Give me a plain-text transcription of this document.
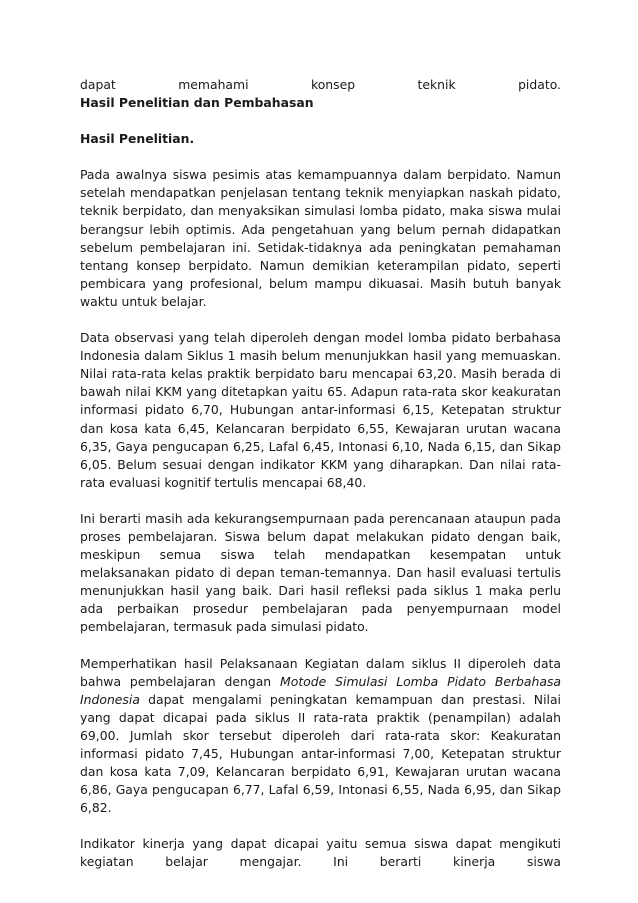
dapat memahami konsep teknik pidato.

Hasil Penelitian dan Pembahasan

Hasil Penelitian.

Pada awalnya siswa pesimis atas kemampuannya dalam berpidato. Namun setelah mendapatkan penjelasan tentang teknik menyiapkan naskah pidato, teknik berpidato, dan menyaksikan simulasi lomba pidato, maka siswa mulai berangsur lebih optimis. Ada pengetahuan yang belum pernah didapatkan sebelum pembelajaran ini. Setidak-tidaknya ada peningkatan pemahaman tentang konsep berpidato. Namun demikian keterampilan pidato, seperti pembicara yang profesional, belum mampu dikuasai. Masih butuh banyak waktu untuk belajar.

Data observasi yang telah diperoleh dengan model lomba pidato berbahasa Indonesia dalam Siklus 1 masih belum menunjukkan hasil yang memuaskan. Nilai rata-rata kelas praktik berpidato baru mencapai 63,20. Masih berada di bawah nilai KKM yang ditetapkan yaitu 65. Adapun rata-rata skor keakuratan informasi pidato 6,70, Hubungan antar-informasi 6,15, Ketepatan struktur dan kosa kata 6,45, Kelancaran berpidato 6,55, Kewajaran urutan wacana 6,35, Gaya pengucapan 6,25, Lafal 6,45, Intonasi 6,10, Nada 6,15, dan Sikap 6,05. Belum sesuai dengan indikator KKM yang diharapkan. Dan nilai rata-rata evaluasi kognitif tertulis mencapai 68,40.

Ini berarti masih ada kekurangsempurnaan pada perencanaan ataupun pada proses pembelajaran. Siswa belum dapat melakukan pidato dengan baik, meskipun semua siswa telah mendapatkan kesempatan untuk melaksanakan pidato di depan teman-temannya. Dan hasil evaluasi tertulis menunjukkan hasil yang baik. Dari hasil refleksi pada siklus 1 maka perlu ada perbaikan prosedur pembelajaran pada penyempurnaan model pembelajaran, termasuk pada simulasi pidato.

Memperhatikan hasil Pelaksanaan Kegiatan dalam siklus II diperoleh data bahwa pembelajaran dengan Motode Simulasi Lomba Pidato Berbahasa Indonesia dapat mengalami peningkatan kemampuan dan prestasi. Nilai yang dapat dicapai pada siklus II rata-rata praktik (penampilan) adalah 69,00. Jumlah skor tersebut diperoleh dari rata-rata skor: Keakuratan informasi pidato 7,45, Hubungan antar-informasi 7,00, Ketepatan struktur dan kosa kata 7,09, Kelancaran berpidato 6,91, Kewajaran urutan wacana 6,86, Gaya pengucapan 6,77, Lafal 6,59, Intonasi 6,55, Nada 6,95, dan Sikap 6,82.

Indikator kinerja yang dapat dicapai yaitu semua siswa dapat mengikuti kegiatan belajar mengajar. Ini berarti kinerja siswa
